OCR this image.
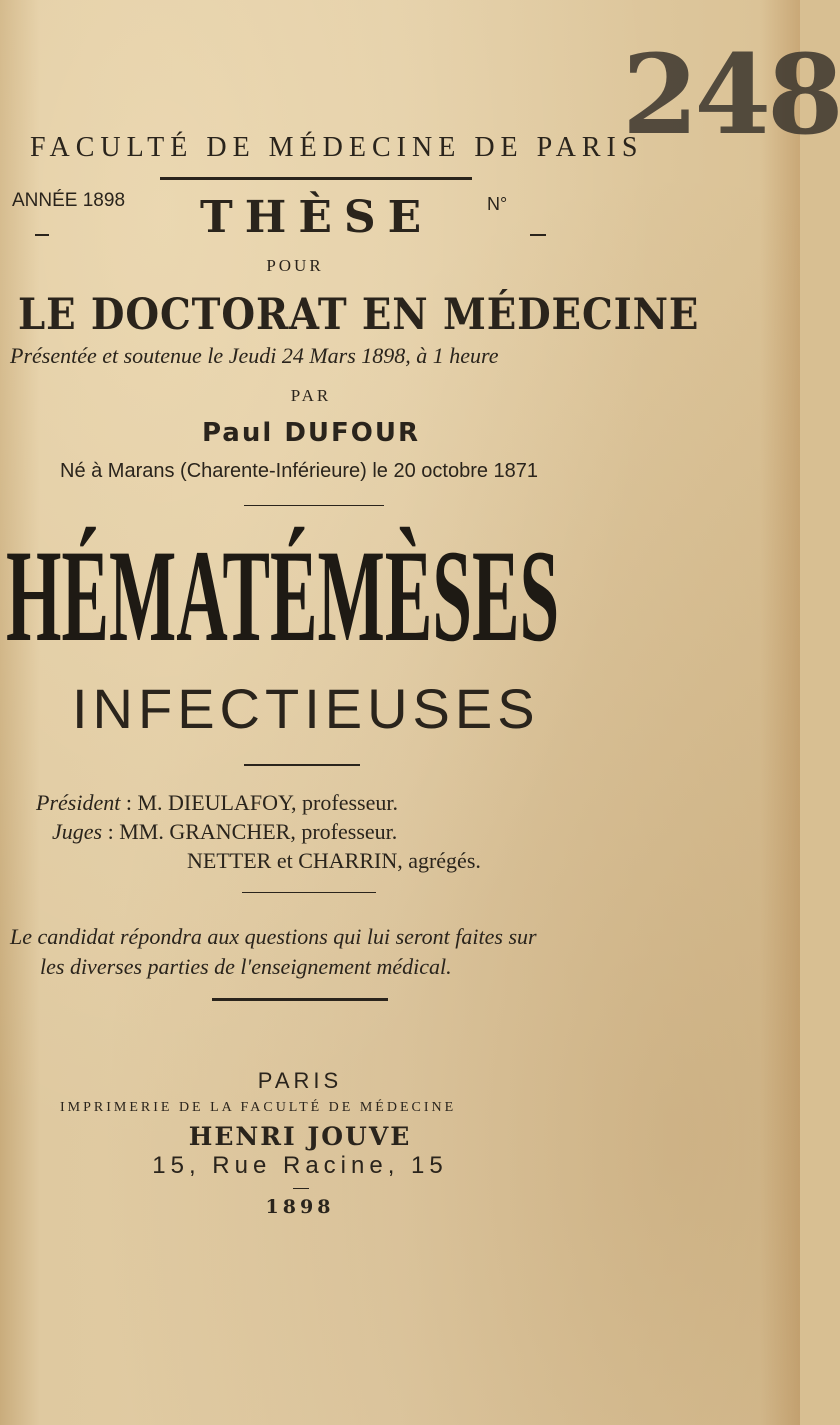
248
FACULTÉ DE MÉDECINE DE PARIS
ANNÉE 1898 THÈSE	N°
POUR
LE DOCTORAT EN MÉDECINE
Présentée et soutenue le Jeudi 24 Mars 1898, à 1 heure
PAR
Paul DUFOUR
Né à Marans (Charente-Inférieure) le 20 octobre 1871
HÉMATÉMÈSES
INFECTIEUSES
Président : M. DIEULAFOY, professeur.
Juges : MM. GRANCHER, professeur.
NETTER et CHARRIN, agrégés.
Le candidat répondra aux questions qui lui seront faites sur
les diverses parties de l'enseignement médical.
PARIS
IMPRIMERIE DE LA FACULTÉ DE MÉDECINE
HENRI JOUVE
15, Rue Racine, 15
1898
